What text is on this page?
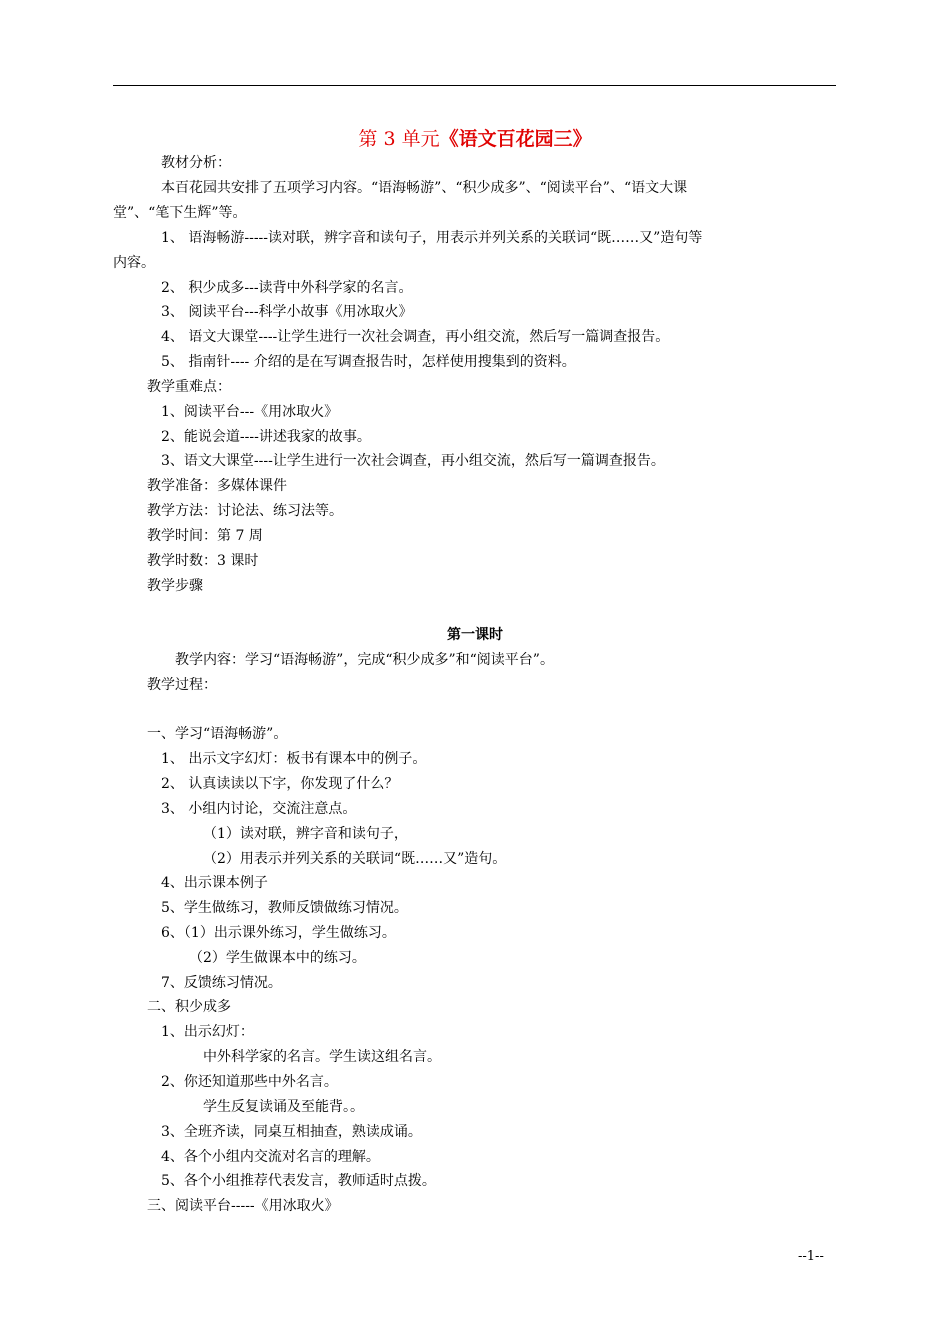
第 3 单元《语文百花园三》
教材分析：
本百花园共安排了五项学习内容。“语海畅游”、“积少成多”、“阅读平台”、“语文大课
堂”、“笔下生辉”等。
1、 语海畅游-----读对联，辨字音和读句子，用表示并列关系的关联词“既……又”造句等
内容。
2、 积少成多---读背中外科学家的名言。
3、 阅读平台---科学小故事《用冰取火》
4、 语文大课堂----让学生进行一次社会调查，再小组交流，然后写一篇调查报告。
5、 指南针---- 介绍的是在写调查报告时，怎样使用搜集到的资料。
教学重难点：
1、阅读平台---《用冰取火》
2、能说会道----讲述我家的故事。
3、语文大课堂----让学生进行一次社会调查，再小组交流，然后写一篇调查报告。
教学准备：多媒体课件
教学方法：讨论法、练习法等。
教学时间：第 7 周
教学时数：3 课时
教学步骤
第一课时
教学内容：学习“语海畅游”，完成“积少成多”和“阅读平台”。
教学过程：
一、学习“语海畅游”。
1、 出示文字幻灯：板书有课本中的例子。
2、 认真读读以下字，你发现了什么？
3、 小组内讨论，交流注意点。
（1）读对联，辨字音和读句子，
（2）用表示并列关系的关联词“既……又”造句。
4、出示课本例子
5、学生做练习，教师反馈做练习情况。
6、（1）出示课外练习，学生做练习。
（2）学生做课本中的练习。
7、反馈练习情况。
二、积少成多
1、出示幻灯：
中外科学家的名言。学生读这组名言。
2、你还知道那些中外名言。
学生反复读诵及至能背。。
3、全班齐读，同桌互相抽查，熟读成诵。
4、各个小组内交流对名言的理解。
5、各个小组推荐代表发言，教师适时点拨。
三、阅读平台-----《用冰取火》
--1--
